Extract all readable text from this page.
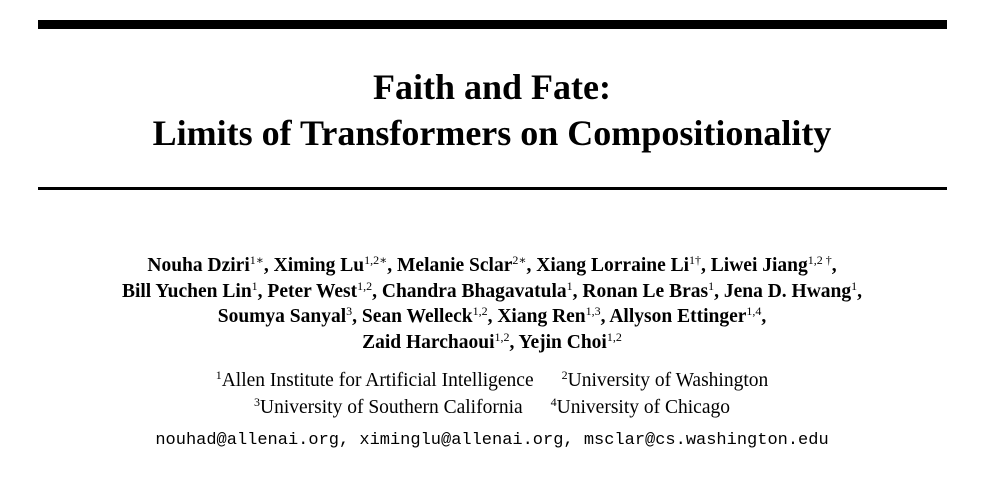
Faith and Fate:
Limits of Transformers on Compositionality
Nouha Dziri$^{1∗}$, Ximing $Lu^{1,2∗}$, Melanie Sclar$^{2∗}$, Xiang Lorraine $Li^{1\dagger}$, Liwei Jiang$^{1,2 \dagger}$,
Bill Yuchen Lin$^1$, Peter West$^{1,2}$, Chandra Bhagavatula$^1$, Ronan Le Bras$^1$, Jena D. Hwang$^1$,
Soumya Sanyal$^3$, Sean Welleck$^{1,2}$, Xiang Ren$^{1,3}$, Allyson Ettinger$^{1,4}$,
Zaid Harchaoui$^{1,2}$, Yejin Choi$^{1,2}$
$^1$Allen Institute for Artificial Intelligence $^2$University of Washington
$^3$University of Southern California $^4$University of Chicago
nouhad@allenai.org, ximinglu@allenai.org, msclar@cs.washington.edu
